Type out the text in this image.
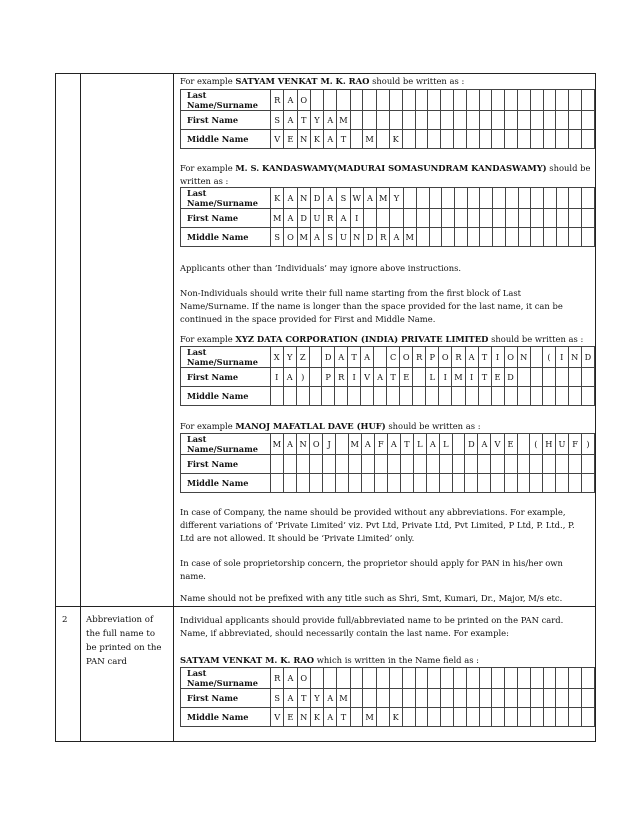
For example SATYAM VENKAT M. K. RAO should be written as :
Last Name/Surname	R	A	O																						
First Name	S	A	T	Y	A	M																			
Middle Name	V	E	N	K	A	T		M		K															
For example M. S. KANDASWAMY(MADURAI SOMASUNDRAM KANDASWAMY) should be
written as :
Last Name/Surname	K	A	N	D	A	S	W	A	M	Y															
First Name	M	A	D	U	R	A	I																		
Middle Name	S	O	M	A	S	U	N	D	R	A	M														
Applicants other than ‘Individuals’ may ignore above instructions.
Non-Individuals should write their full name starting from the first block of Last
Name/Surname. If the name is longer than the space provided for the last name, it can be
continued in the space provided for First and Middle Name.
For example XYZ DATA CORPORATION (INDIA) PRIVATE LIMITED should be written as :
Last Name/Surname	X	Y	Z		D	A	T	A		C	O	R	P	O	R	A	T	I	O	N		(	I	N	D
First Name	I	A	)		P	R	I	V	A	T	E		L	I	M	I	T	E	D						
Middle Name																									
For example MANOJ MAFATLAL DAVE (HUF) should be written as :
Last Name/Surname	M	A	N	O	J		M	A	F	A	T	L	A	L		D	A	V	E		(	H	U	F	)
First Name																									
Middle Name																									
In case of Company, the name should be provided without any abbreviations. For example,
different variations of ‘Private Limited’ viz. Pvt Ltd, Private Ltd, Pvt Limited, P Ltd, P. Ltd., P.
Ltd are not allowed. It should be ‘Private Limited’ only.
In case of sole proprietorship concern, the proprietor should apply for PAN in his/her own
name.
Name should not be prefixed with any title such as Shri, Smt, Kumari, Dr., Major, M/s etc.
2 Abbreviation of
the full name to
be printed on the
PAN card
Individual applicants should provide full/abbreviated name to be printed on the PAN card.
Name, if abbreviated, should necessarily contain the last name. For example:
SATYAM VENKAT M. K. RAO which is written in the Name field as :
Last Name/Surname	R	A	O																						
First Name	S	A	T	Y	A	M																			
Middle Name	V	E	N	K	A	T		M		K															
